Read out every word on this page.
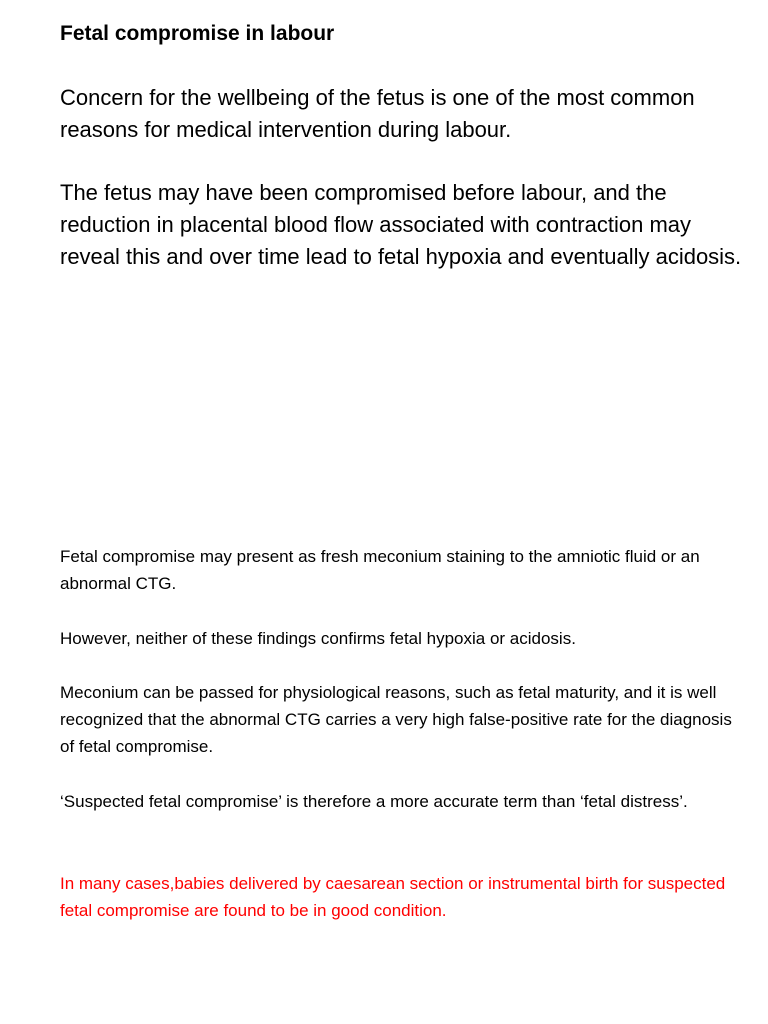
Fetal compromise in labour

Concern for the wellbeing of the fetus is one of the most common reasons for medical intervention during labour.

The fetus may have been compromised before labour, and the reduction in placental blood flow associated with contraction may reveal this and over time lead to fetal hypoxia and eventually acidosis.

Fetal compromise may present as fresh meconium staining to the amniotic fluid or an abnormal CTG.

However, neither of these findings confirms fetal hypoxia or acidosis.

Meconium can be passed for physiological reasons, such as fetal maturity, and it is well recognized that the abnormal CTG carries a very high false-positive rate for the diagnosis of fetal compromise.

‘Suspected fetal compromise’ is therefore a more accurate term than ‘fetal distress’.

In many cases,babies delivered by caesarean section or instrumental birth for suspected fetal compromise are found to be in good condition.
